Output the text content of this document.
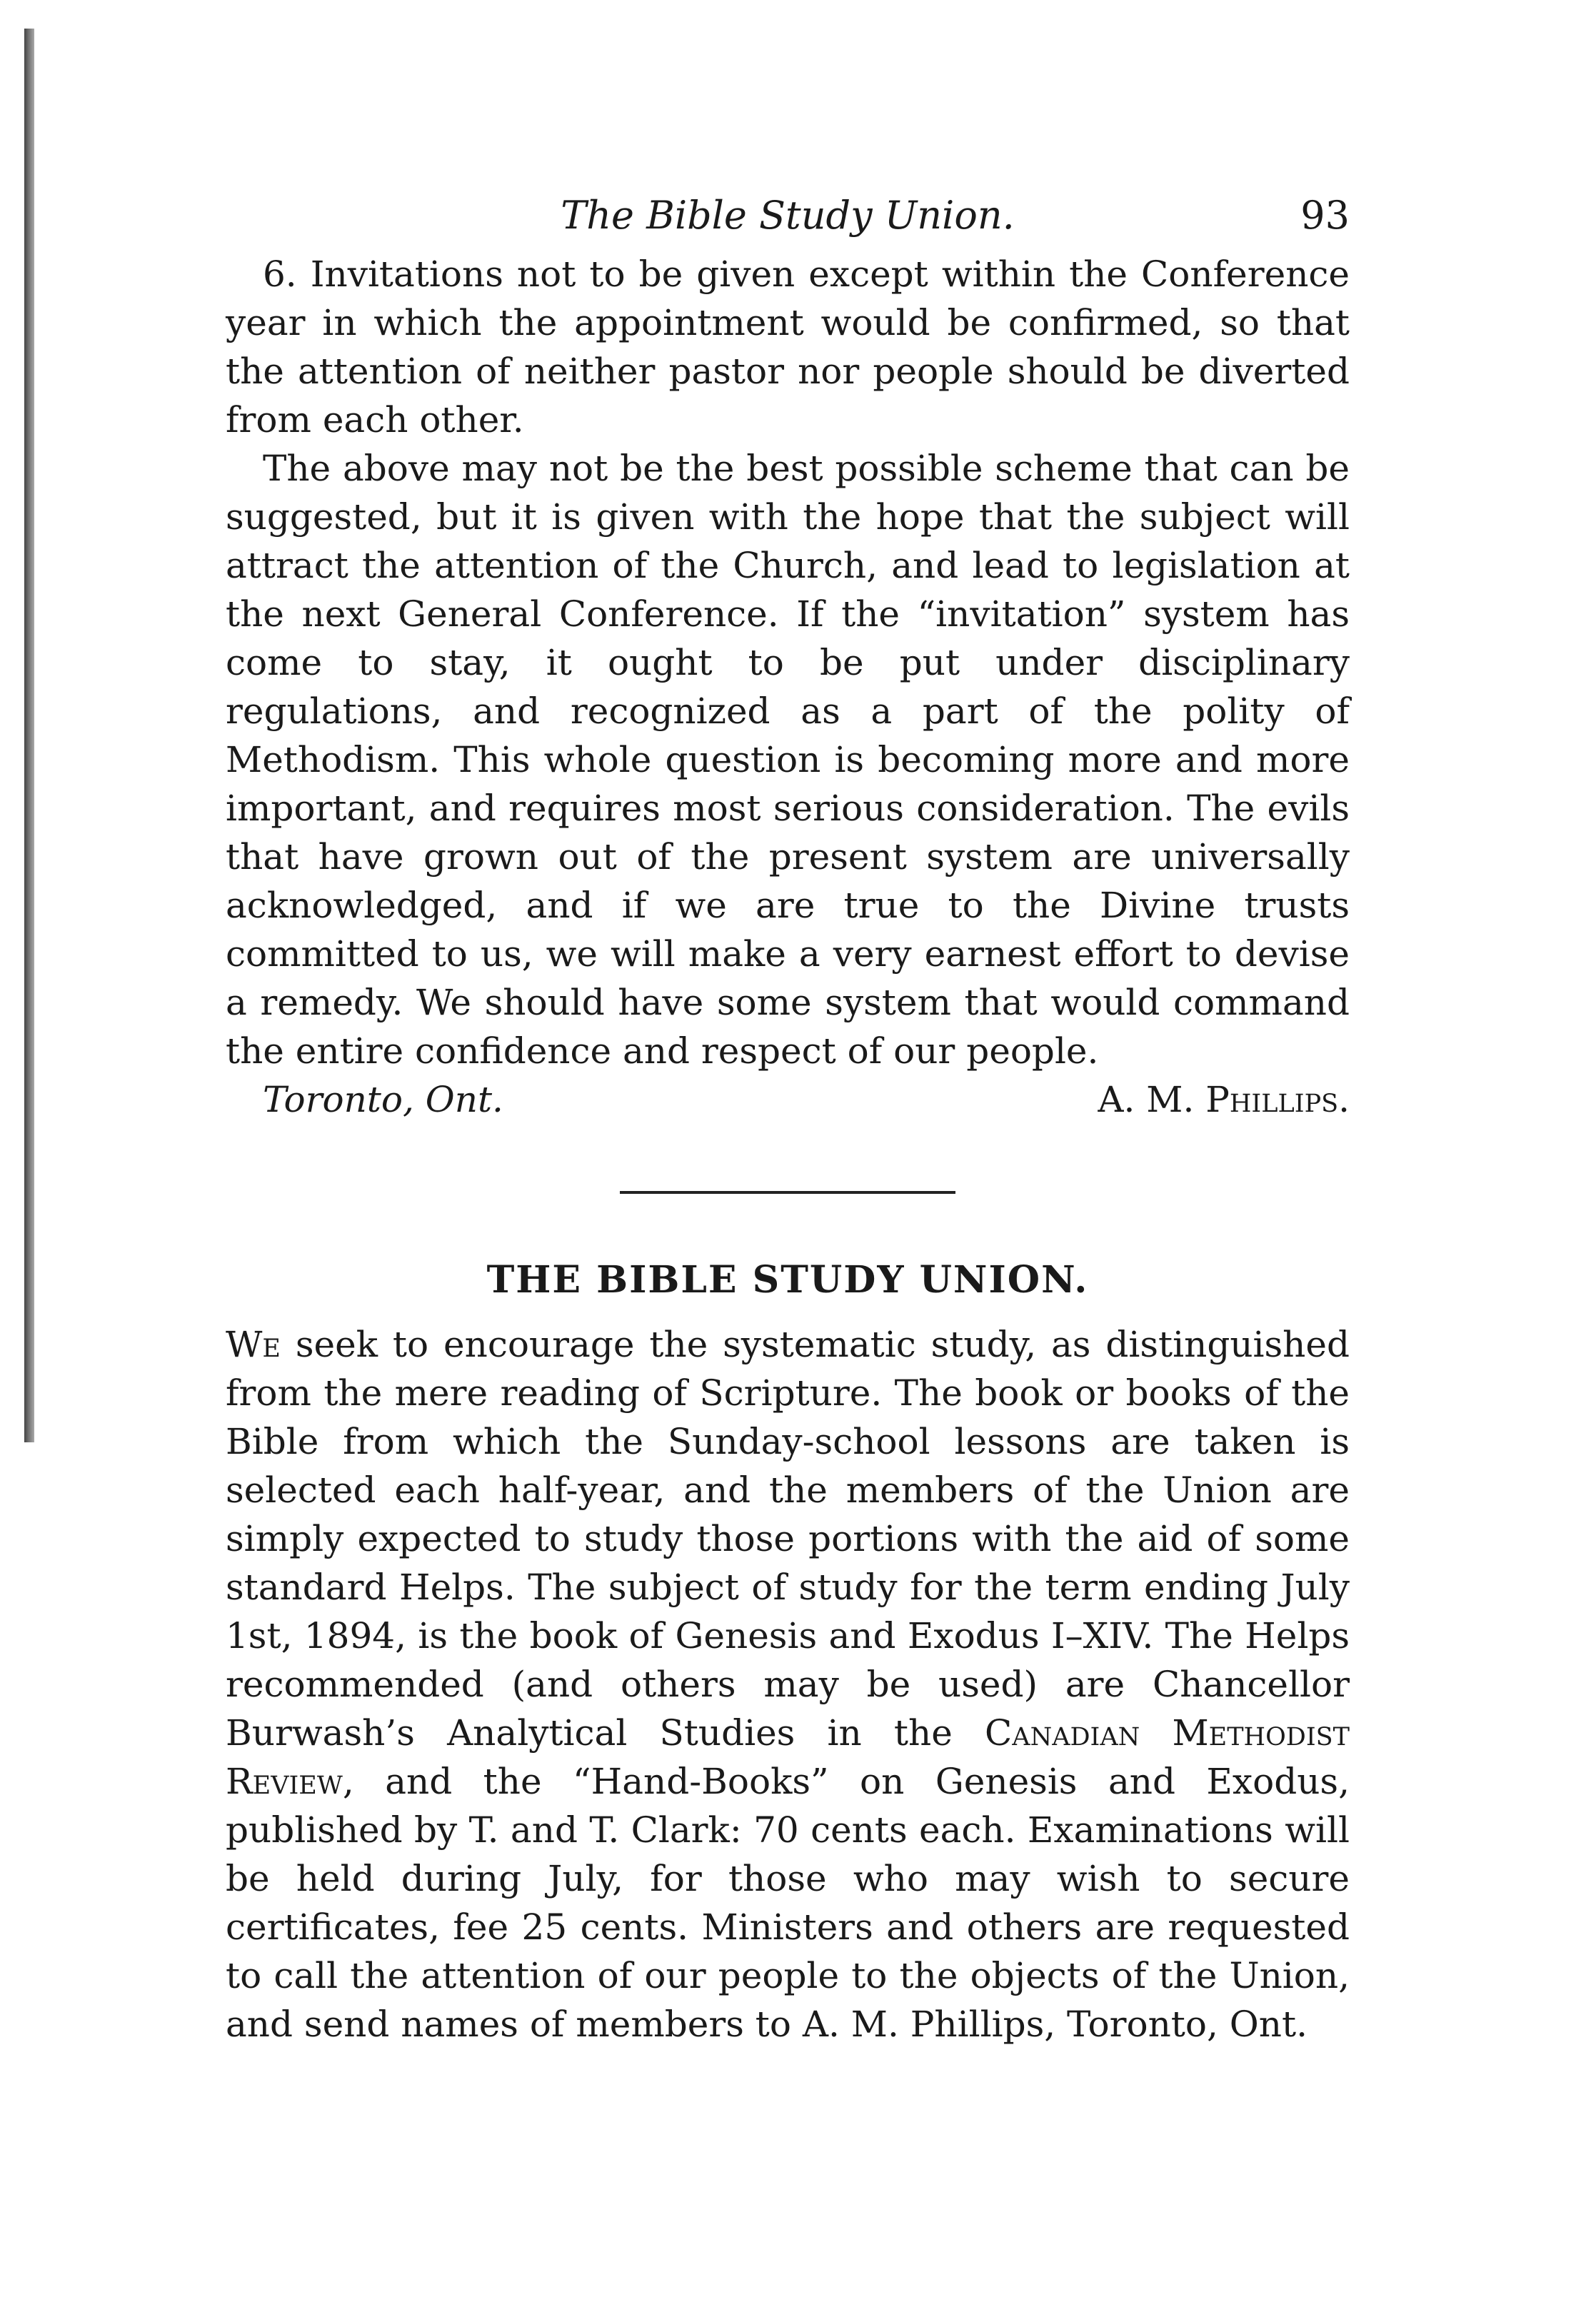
The Bible Study Union.	93

6. Invitations not to be given except within the Conference year in which the appointment would be confirmed, so that the attention of neither pastor nor people should be diverted from each other.

The above may not be the best possible scheme that can be suggested, but it is given with the hope that the subject will attract the attention of the Church, and lead to legislation at the next General Conference. If the “invitation” system has come to stay, it ought to be put under disciplinary regulations, and recognized as a part of the polity of Methodism. This whole question is becoming more and more important, and requires most serious consideration. The evils that have grown out of the present system are universally acknowledged, and if we are true to the Divine trusts committed to us, we will make a very earnest effort to devise a remedy. We should have some system that would command the entire confidence and respect of our people.

Toronto, Ont.	A. M. Phillips.
THE BIBLE STUDY UNION.

We seek to encourage the systematic study, as distinguished from the mere reading of Scripture. The book or books of the Bible from which the Sunday-school lessons are taken is selected each half-year, and the members of the Union are simply expected to study those portions with the aid of some standard Helps. The subject of study for the term ending July 1st, 1894, is the book of Genesis and Exodus I–XIV. The Helps recommended (and others may be used) are Chancellor Burwash’s Analytical Studies in the Canadian Methodist Review, and the “Hand-Books” on Genesis and Exodus, published by T. and T. Clark: 70 cents each. Examinations will be held during July, for those who may wish to secure certificates, fee 25 cents. Ministers and others are requested to call the attention of our people to the objects of the Union, and send names of members to A. M. Phillips, Toronto, Ont.
